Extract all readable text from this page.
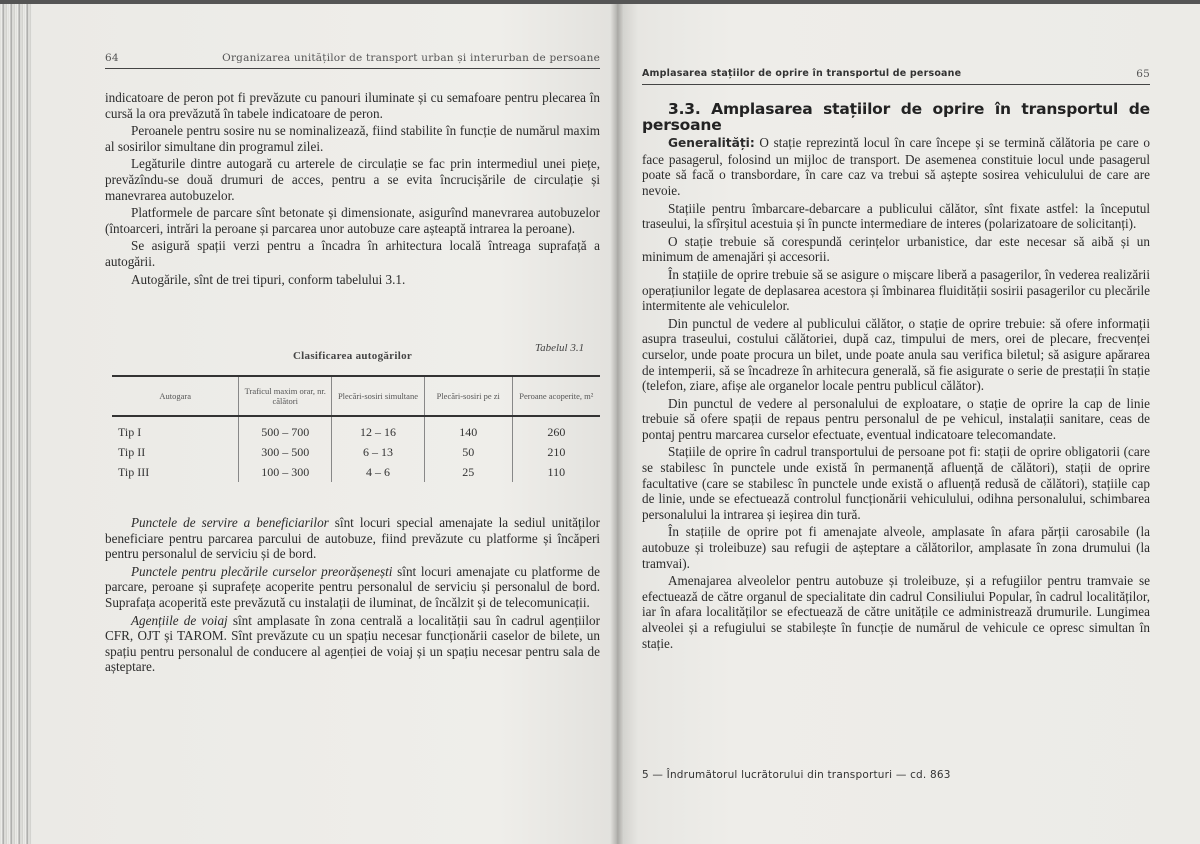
64	Organizarea unităților de transport urban și interurban de persoane

indicatoare de peron pot fi prevăzute cu panouri iluminate și cu semafoare pentru plecarea în cursă la ora prevăzută în tabele indicatoare de peron.

Peroanele pentru sosire nu se nominalizează, fiind stabilite în funcție de numărul maxim al sosirilor simultane din programul zilei.

Legăturile dintre autogară cu arterele de circulație se fac prin intermediul unei piețe, prevăzîndu-se două drumuri de acces, pentru a se evita încrucișările de circulație și manevrarea autobuzelor.

Platformele de parcare sînt betonate și dimensionate, asigurînd manevrarea autobuzelor (întoarceri, intrări la peroane și parcarea unor autobuze care așteaptă intrarea la peroane).

Se asigură spații verzi pentru a încadra în arhitectura locală întreaga suprafață a autogării.

Autogările, sînt de trei tipuri, conform tabelului 3.1.

Tabelul 3.1
Clasificarea autogărilor
Autogara	Traficul maxim orar, nr. călători	Plecări-sosiri simultane	Plecări-sosiri pe zi	Peroane acoperite, m²
Tip I	500 – 700	12 – 16	140	260
Tip II	300 – 500	6 – 13	50	210
Tip III	100 – 300	4 – 6	25	110

Punctele de servire a beneficiarilor sînt locuri special amenajate la sediul unităților beneficiare pentru parcarea parcului de autobuze, fiind prevăzute cu platforme și încăperi pentru personalul de serviciu și de bord.

Punctele pentru plecările curselor preorășenești sînt locuri amenajate cu platforme de parcare, peroane și suprafețe acoperite pentru personalul de serviciu și personalul de bord. Suprafața acoperită este prevăzută cu instalații de iluminat, de încălzit și de telecomunicații.

Agențiile de voiaj sînt amplasate în zona centrală a localității sau în cadrul agențiilor CFR, OJT și TAROM. Sînt prevăzute cu un spațiu necesar funcționării caselor de bilete, un spațiu pentru personalul de conducere al agenției de voiaj și un spațiu necesar pentru sala de așteptare.

Amplasarea stațiilor de oprire în transportul de persoane	65

3.3. Amplasarea stațiilor de oprire în transportul de persoane

Generalități: O stație reprezintă locul în care începe și se termină călătoria pe care o face pasagerul, folosind un mijloc de transport. De asemenea constituie locul unde pasagerul poate să facă o transbordare, în care caz va trebui să aștepte sosirea vehiculului de care are nevoie.

Stațiile pentru îmbarcare-debarcare a publicului călător, sînt fixate astfel: la începutul traseului, la sfîrșitul acestuia și în puncte intermediare de interes (polarizatoare de solicitanți).

O stație trebuie să corespundă cerințelor urbanistice, dar este necesar să aibă și un minimum de amenajări și accesorii.

În stațiile de oprire trebuie să se asigure o mișcare liberă a pasagerilor, în vederea realizării operațiunilor legate de deplasarea acestora și îmbinarea fluidității sosirii pasagerilor cu plecările intermitente ale vehiculelor.

Din punctul de vedere al publicului călător, o stație de oprire trebuie: să ofere informații asupra traseului, costului călătoriei, după caz, timpului de mers, orei de plecare, frecvenței curselor, unde poate procura un bilet, unde poate anula sau verifica biletul; să asigure apărarea de intemperii, să se încadreze în arhitecura generală, să fie asigurate o serie de prestații în stație (telefon, ziare, afișe ale organelor locale pentru publicul călător).

Din punctul de vedere al personalului de exploatare, o stație de oprire la cap de linie trebuie să ofere spații de repaus pentru personalul de pe vehicul, instalații sanitare, ceas de pontaj pentru marcarea curselor efectuate, eventual indicatoare telecomandate.

Stațiile de oprire în cadrul transportului de persoane pot fi: stații de oprire obligatorii (care se stabilesc în punctele unde există în permanență afluență de călători), stații de oprire facultative (care se stabilesc în punctele unde există o afluență redusă de călători), stațiile cap de linie, unde se efectuează controlul funcționării vehiculului, odihna personalului, schimbarea personalului la intrarea și ieșirea din tură.

În stațiile de oprire pot fi amenajate alveole, amplasate în afara părții carosabile (la autobuze și troleibuze) sau refugii de așteptare a călătorilor, amplasate în zona drumului (la tramvai).

Amenajarea alveolelor pentru autobuze și troleibuze, și a refugiilor pentru tramvaie se efectuează de către organul de specialitate din cadrul Consiliului Popular, în cadrul localităților, iar în afara localităților se efectuează de către unitățile ce administrează drumurile. Lungimea alveolei și a refugiului se stabilește în funcție de numărul de vehicule ce opresc simultan în stație.

5 — Îndrumătorul lucrătorului din transporturi — cd. 863
